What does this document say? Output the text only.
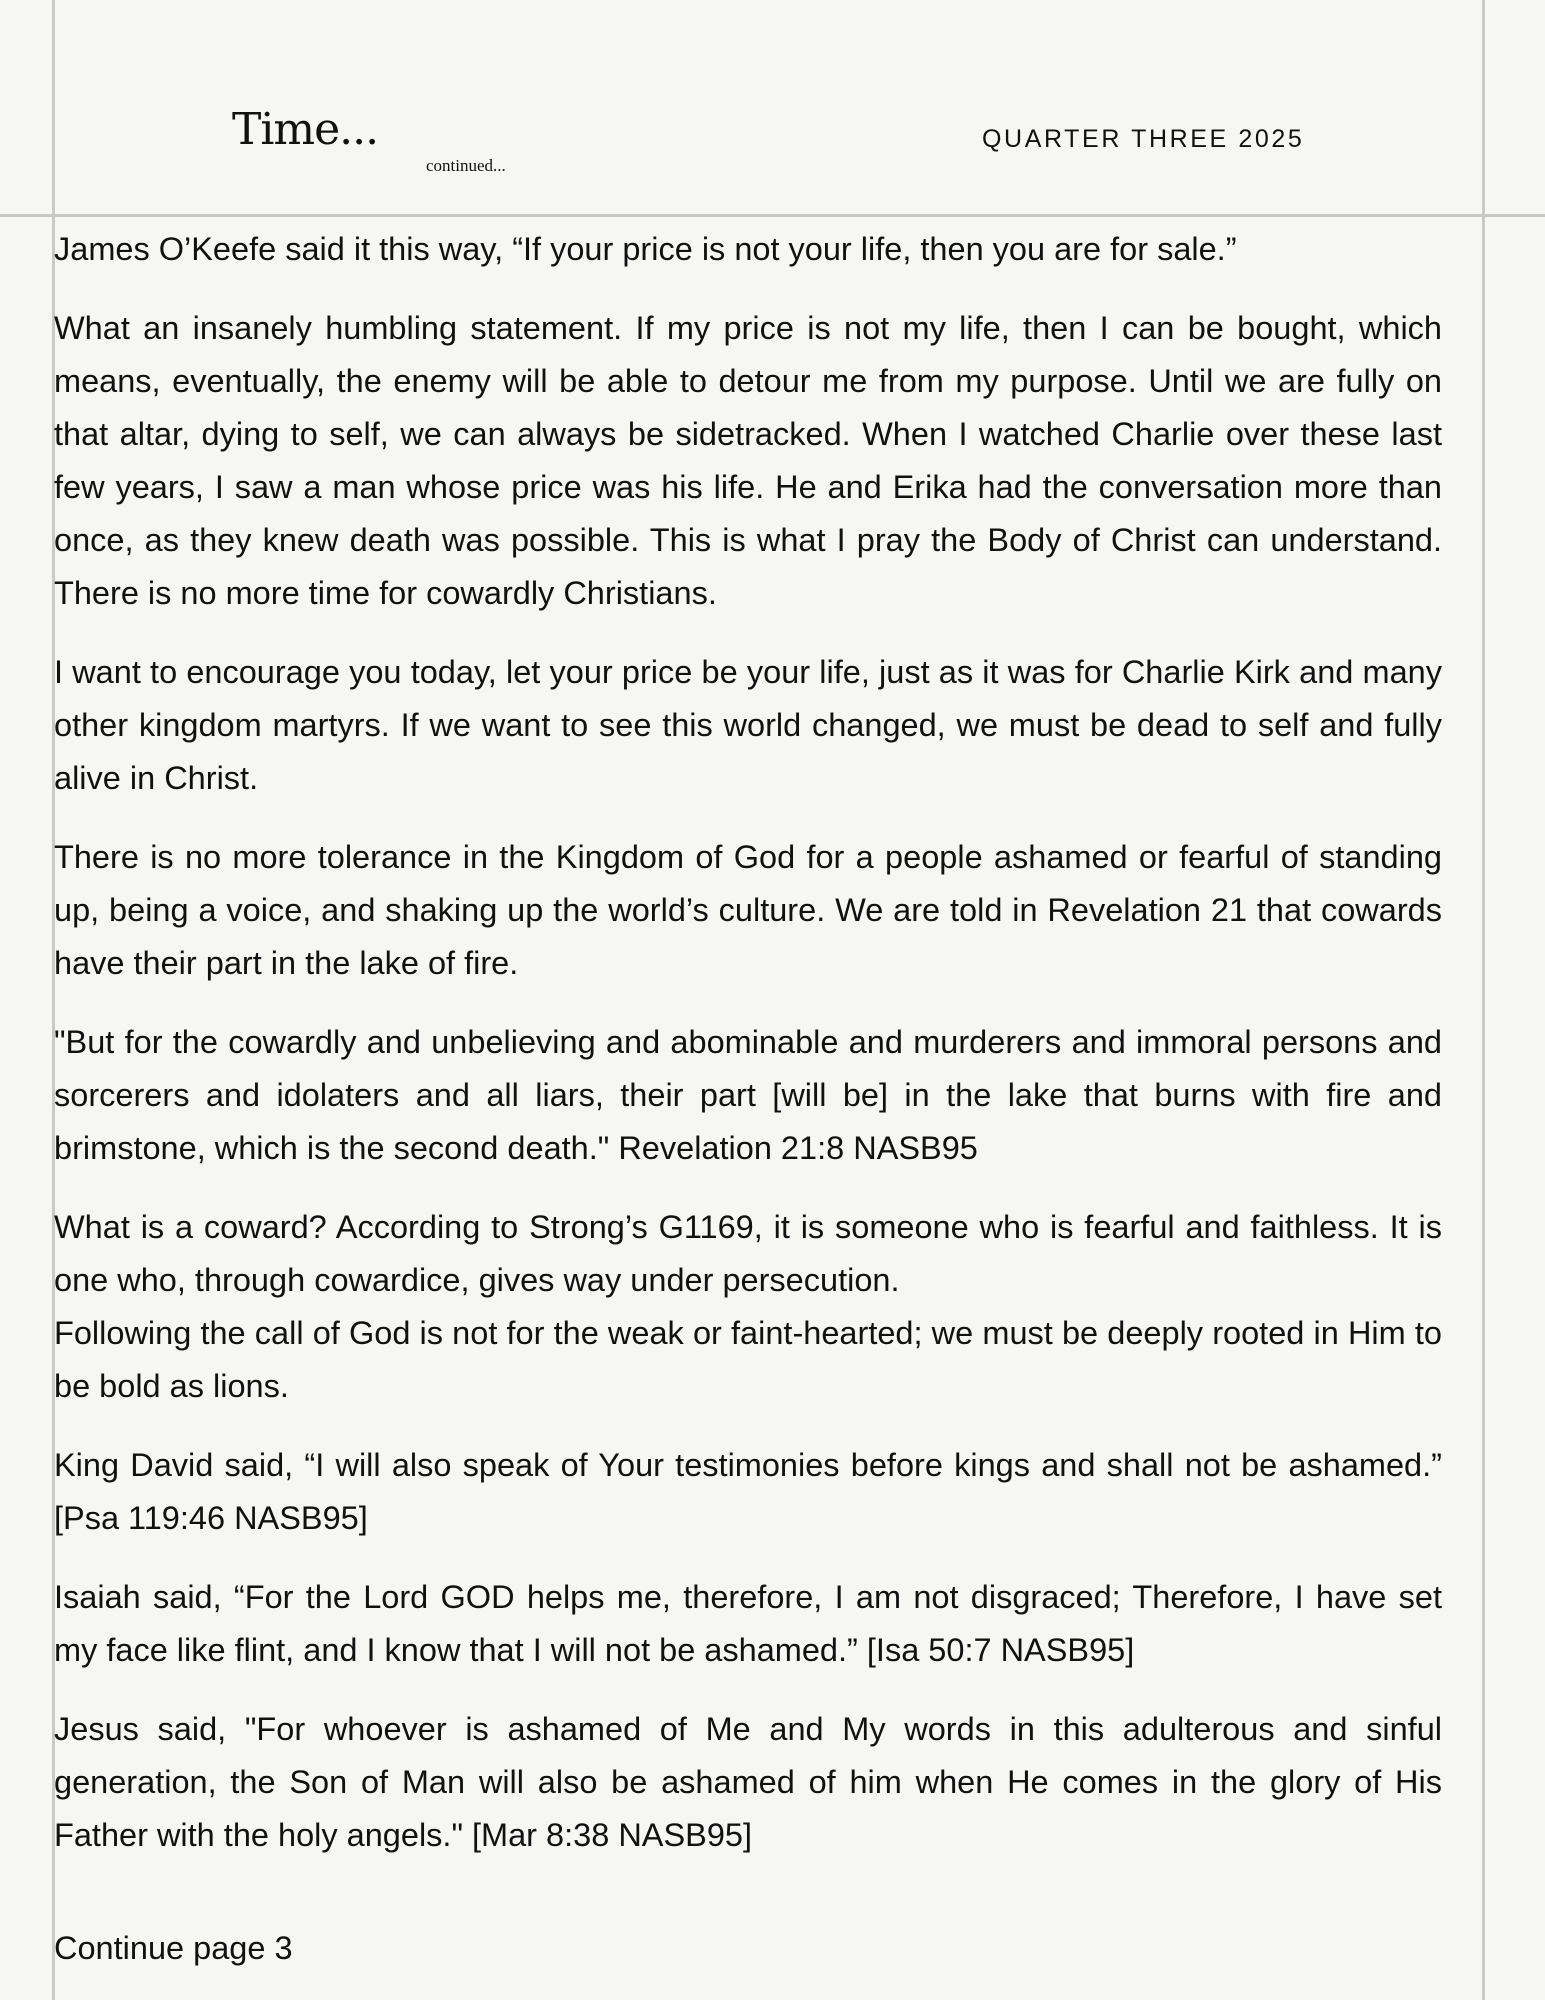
Time...
continued...
QUARTER THREE 2025

James O’Keefe said it this way, “If your price is not your life, then you are for sale.”

What an insanely humbling statement. If my price is not my life, then I can be bought, which means, eventually, the enemy will be able to detour me from my purpose. Until we are fully on that altar, dying to self, we can always be sidetracked. When I watched Charlie over these last few years, I saw a man whose price was his life. He and Erika had the conversation more than once, as they knew death was possible. This is what I pray the Body of Christ can understand. There is no more time for cowardly Christians.

I want to encourage you today, let your price be your life, just as it was for Charlie Kirk and many other kingdom martyrs. If we want to see this world changed, we must be dead to self and fully alive in Christ.

There is no more tolerance in the Kingdom of God for a people ashamed or fearful of standing up, being a voice, and shaking up the world’s culture. We are told in Revelation 21 that cowards have their part in the lake of fire.

"But for the cowardly and unbelieving and abominable and murderers and immoral persons and sorcerers and idolaters and all liars, their part [will be] in the lake that burns with fire and brimstone, which is the second death." Revelation 21:8 NASB95

What is a coward? According to Strong’s G1169, it is someone who is fearful and faithless. It is one who, through cowardice, gives way under persecution.

Following the call of God is not for the weak or faint-hearted; we must be deeply rooted in Him to be bold as lions.

King David said, “I will also speak of Your testimonies before kings and shall not be ashamed.” [Psa 119:46 NASB95]

Isaiah said, “For the Lord GOD helps me, therefore, I am not disgraced; Therefore, I have set my face like flint, and I know that I will not be ashamed.” [Isa 50:7 NASB95]

Jesus said, "For whoever is ashamed of Me and My words in this adulterous and sinful generation, the Son of Man will also be ashamed of him when He comes in the glory of His Father with the holy angels." [Mar 8:38 NASB95]

Continue page 3
